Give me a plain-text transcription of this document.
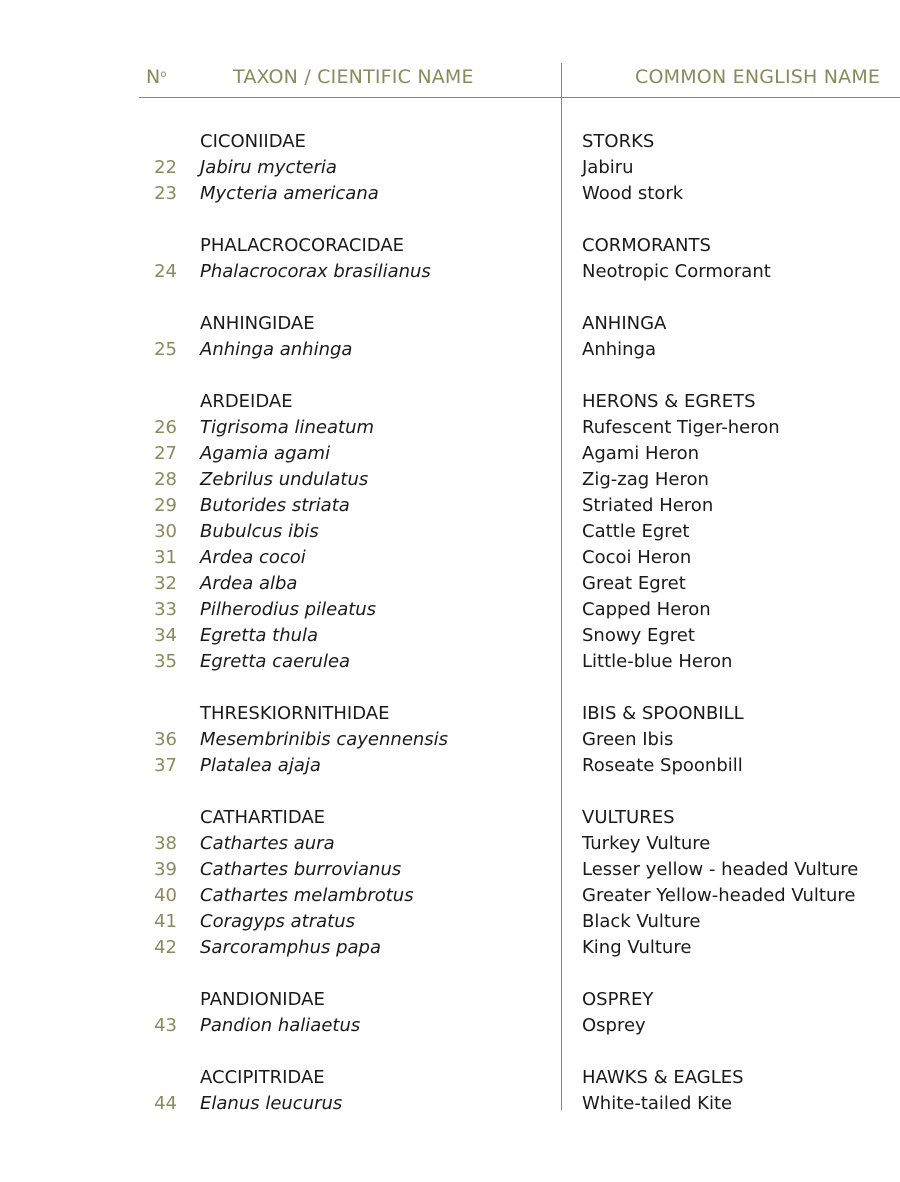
$N^o$	TAXON / CIENTIFIC NAME	COMMON ENGLISH NAME
CICONIIDAE	STORKS
22 Jabiru mycteria	Jabiru
23 Mycteria americana	Wood stork
PHALACROCORACIDAE	CORMORANTS
24 Phalacrocorax brasilianus	Neotropic Cormorant
ANHINGIDAE	ANHINGA
25 Anhinga anhinga	Anhinga
ARDEIDAE	HERONS & EGRETS
26 Tigrisoma lineatum	Rufescent Tiger-heron
27 Agamia agami	Agami Heron
28 Zebrilus undulatus	Zig-zag Heron
29 Butorides striata	Striated Heron
30 Bubulcus ibis	Cattle Egret
31 Ardea cocoi	Cocoi Heron
32 Ardea alba	Great Egret
33 Pilherodius pileatus	Capped Heron
34 Egretta thula	Snowy Egret
35 Egretta caerulea	Little-blue Heron
THRESKIORNITHIDAE	IBIS & SPOONBILL
36 Mesembrinibis cayennensis	Green Ibis
37 Platalea ajaja	Roseate Spoonbill
CATHARTIDAE	VULTURES
38 Cathartes aura	Turkey Vulture
39 Cathartes burrovianus	Lesser yellow - headed Vulture
40 Cathartes melambrotus	Greater Yellow-headed Vulture
41 Coragyps atratus	Black Vulture
42 Sarcoramphus papa	King Vulture
PANDIONIDAE	OSPREY
43 Pandion haliaetus	Osprey
ACCIPITRIDAE	HAWKS & EAGLES
44 Elanus leucurus	White-tailed Kite
